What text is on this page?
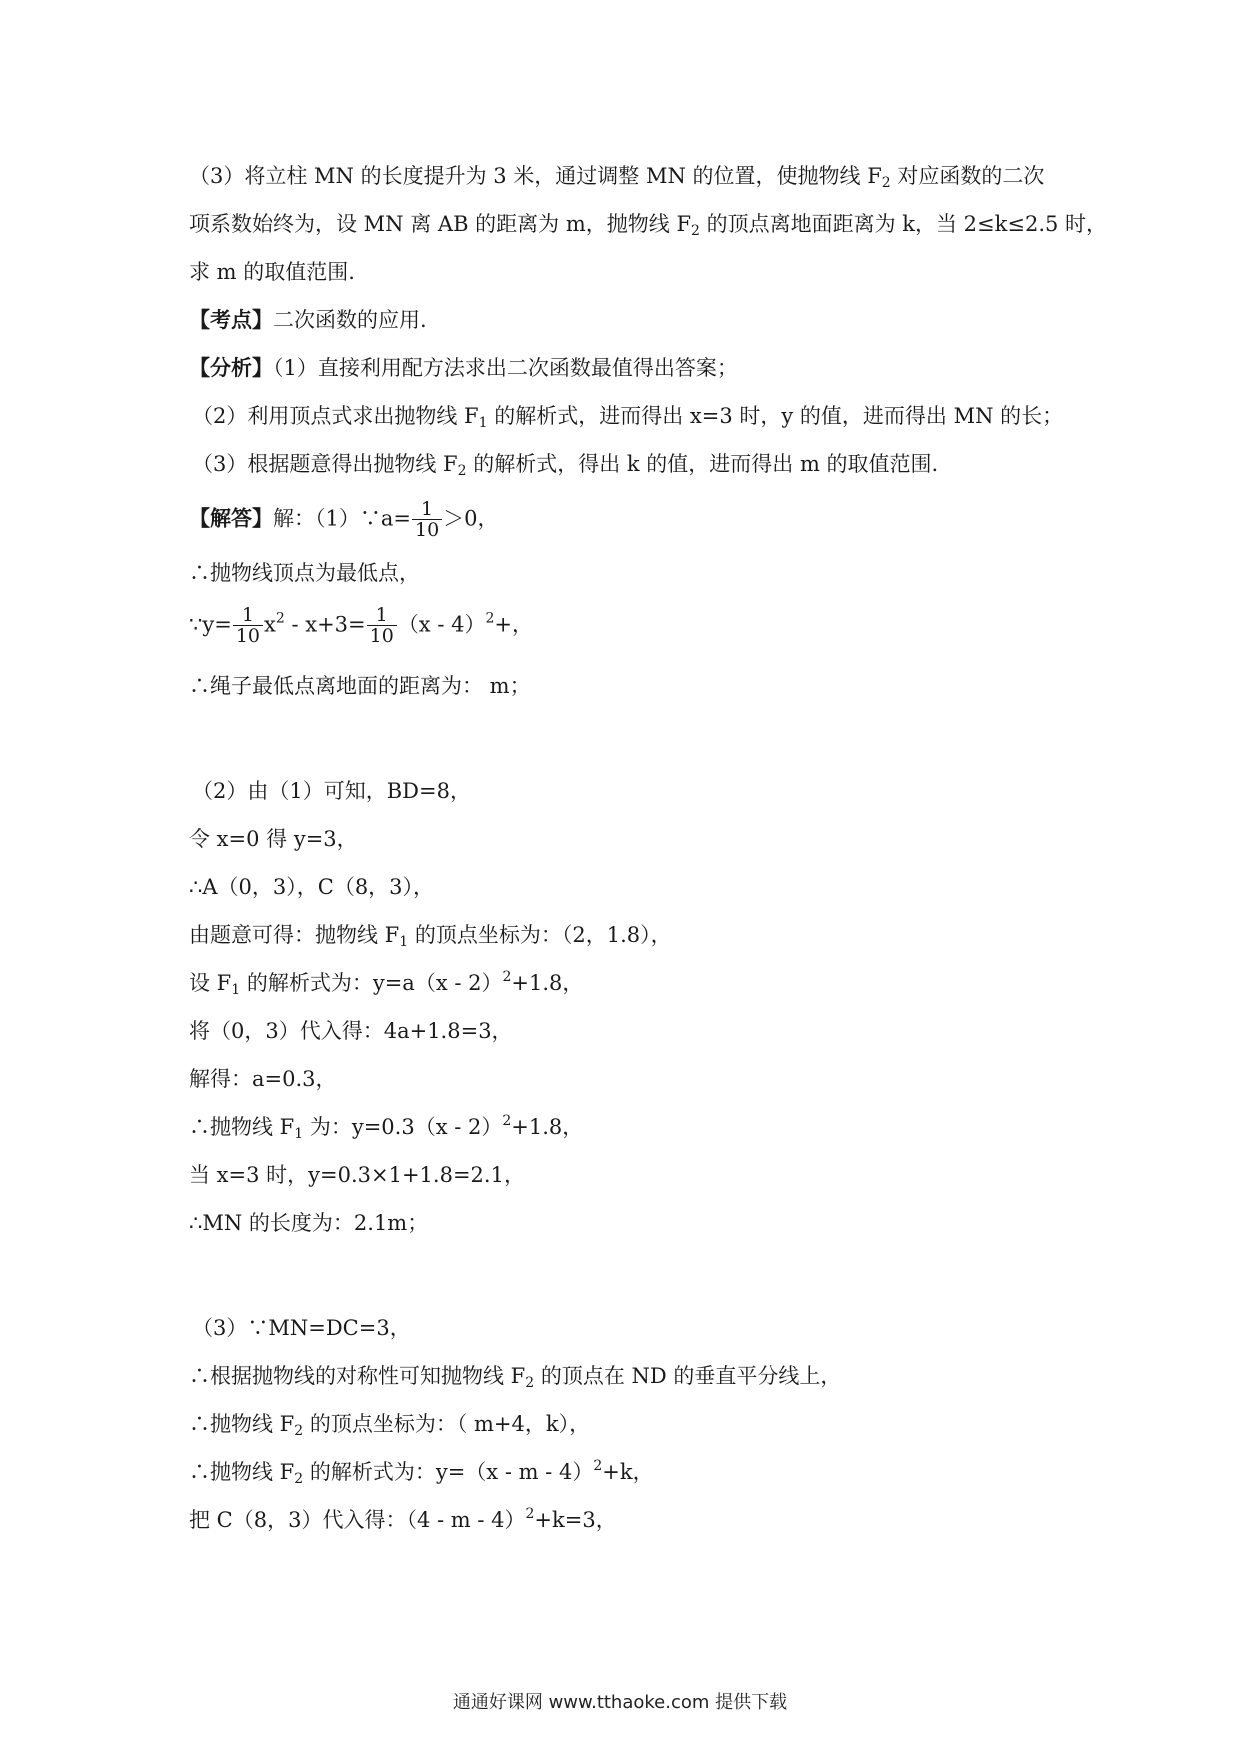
（3）将立柱 MN 的长度提升为 3 米，通过调整 MN 的位置，使抛物线 $F_2$ 对应函数的二次
项系数始终为，设 MN 离 AB 的距离为 m，抛物线 $F_2$ 的顶点离地面距离为 k，当 2≤k≤2.5 时，
求 m 的取值范围.
【考点】二次函数的应用.
【分析】（1）直接利用配方法求出二次函数最值得出答案；
（2）利用顶点式求出抛物线 $F_1$ 的解析式，进而得出 x=3 时，y 的值，进而得出 MN 的长；
（3）根据题意得出抛物线 $F_2$ 的解析式，得出 k 的值，进而得出 m 的取值范围.
【解答】解：（1）∵a= $\frac{1}{10} >0$，
∴抛物线顶点为最低点，
∵y= $\frac{1}{10} x^2 - x+3= \frac{1}{10} (x - 4)^2+$，
∴绳子最低点离地面的距离为： m；
（2）由（1）可知，BD=8，
令 x=0 得 y=3，
∴A（0，3），C（8，3），
由题意可得：抛物线 $F_1$ 的顶点坐标为：（2，1.8），
设 $F_1$ 的解析式为：y=a（x - 2）$^2$+1.8，
将（0，3）代入得：4a+1.8=3，
解得：a=0.3，
∴抛物线 $F_1$ 为：y=0.3（x - 2）$^2$+1.8，
当 x=3 时，y=0.3×1+1.8=2.1，
∴MN 的长度为：2.1m；
（3）∵MN=DC=3，
∴根据抛物线的对称性可知抛物线 $F_2$ 的顶点在 ND 的垂直平分线上，
∴抛物线 $F_2$ 的顶点坐标为：（ m+4，k），
∴抛物线 $F_2$ 的解析式为：y=（x - m - 4）$^2$+k，
把 C（8，3）代入得：（4 - m - 4）$^2$+k=3，
通通好课网 www.tthaoke.com 提供下载
